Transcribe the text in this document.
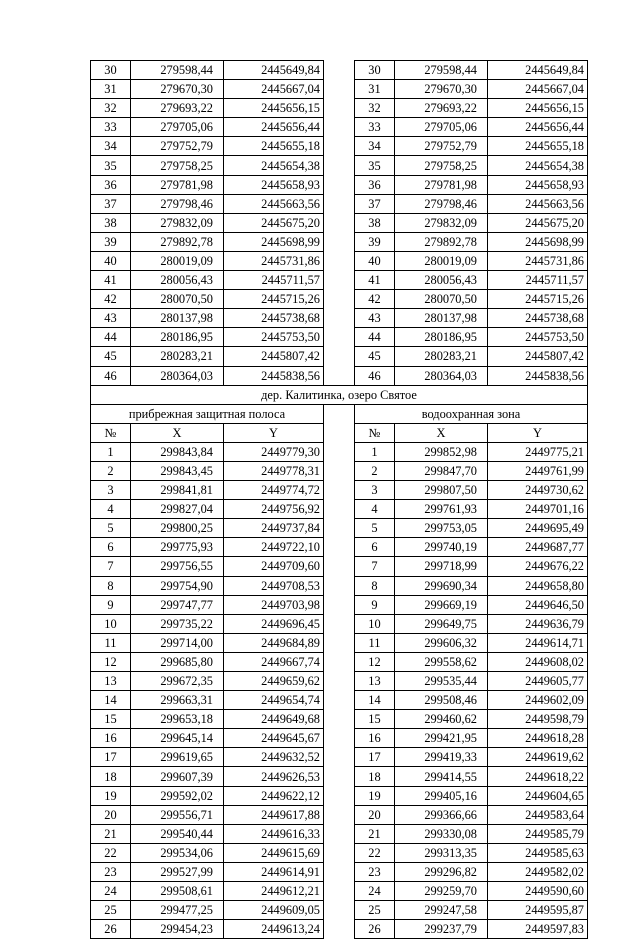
30	279598,44	2445649,84		30	279598,44	2445649,84
31	279670,30	2445667,04		31	279670,30	2445667,04
32	279693,22	2445656,15		32	279693,22	2445656,15
33	279705,06	2445656,44		33	279705,06	2445656,44
34	279752,79	2445655,18		34	279752,79	2445655,18
35	279758,25	2445654,38		35	279758,25	2445654,38
36	279781,98	2445658,93		36	279781,98	2445658,93
37	279798,46	2445663,56		37	279798,46	2445663,56
38	279832,09	2445675,20		38	279832,09	2445675,20
39	279892,78	2445698,99		39	279892,78	2445698,99
40	280019,09	2445731,86		40	280019,09	2445731,86
41	280056,43	2445711,57		41	280056,43	2445711,57
42	280070,50	2445715,26		42	280070,50	2445715,26
43	280137,98	2445738,68		43	280137,98	2445738,68
44	280186,95	2445753,50		44	280186,95	2445753,50
45	280283,21	2445807,42		45	280283,21	2445807,42
46	280364,03	2445838,56		46	280364,03	2445838,56
дер. Калитинка, озеро Святое						
прибрежная защитная полоса				водоохранная зона		
№	X	Y		№	X	Y
1	299843,84	2449779,30		1	299852,98	2449775,21
2	299843,45	2449778,31		2	299847,70	2449761,99
3	299841,81	2449774,72		3	299807,50	2449730,62
4	299827,04	2449756,92		4	299761,93	2449701,16
5	299800,25	2449737,84		5	299753,05	2449695,49
6	299775,93	2449722,10		6	299740,19	2449687,77
7	299756,55	2449709,60		7	299718,99	2449676,22
8	299754,90	2449708,53		8	299690,34	2449658,80
9	299747,77	2449703,98		9	299669,19	2449646,50
10	299735,22	2449696,45		10	299649,75	2449636,79
11	299714,00	2449684,89		11	299606,32	2449614,71
12	299685,80	2449667,74		12	299558,62	2449608,02
13	299672,35	2449659,62		13	299535,44	2449605,77
14	299663,31	2449654,74		14	299508,46	2449602,09
15	299653,18	2449649,68		15	299460,62	2449598,79
16	299645,14	2449645,67		16	299421,95	2449618,28
17	299619,65	2449632,52		17	299419,33	2449619,62
18	299607,39	2449626,53		18	299414,55	2449618,22
19	299592,02	2449622,12		19	299405,16	2449604,65
20	299556,71	2449617,88		20	299366,66	2449583,64
21	299540,44	2449616,33		21	299330,08	2449585,79
22	299534,06	2449615,69		22	299313,35	2449585,63
23	299527,99	2449614,91		23	299296,82	2449582,02
24	299508,61	2449612,21		24	299259,70	2449590,60
25	299477,25	2449609,05		25	299247,58	2449595,87
26	299454,23	2449613,24		26	299237,79	2449597,83
